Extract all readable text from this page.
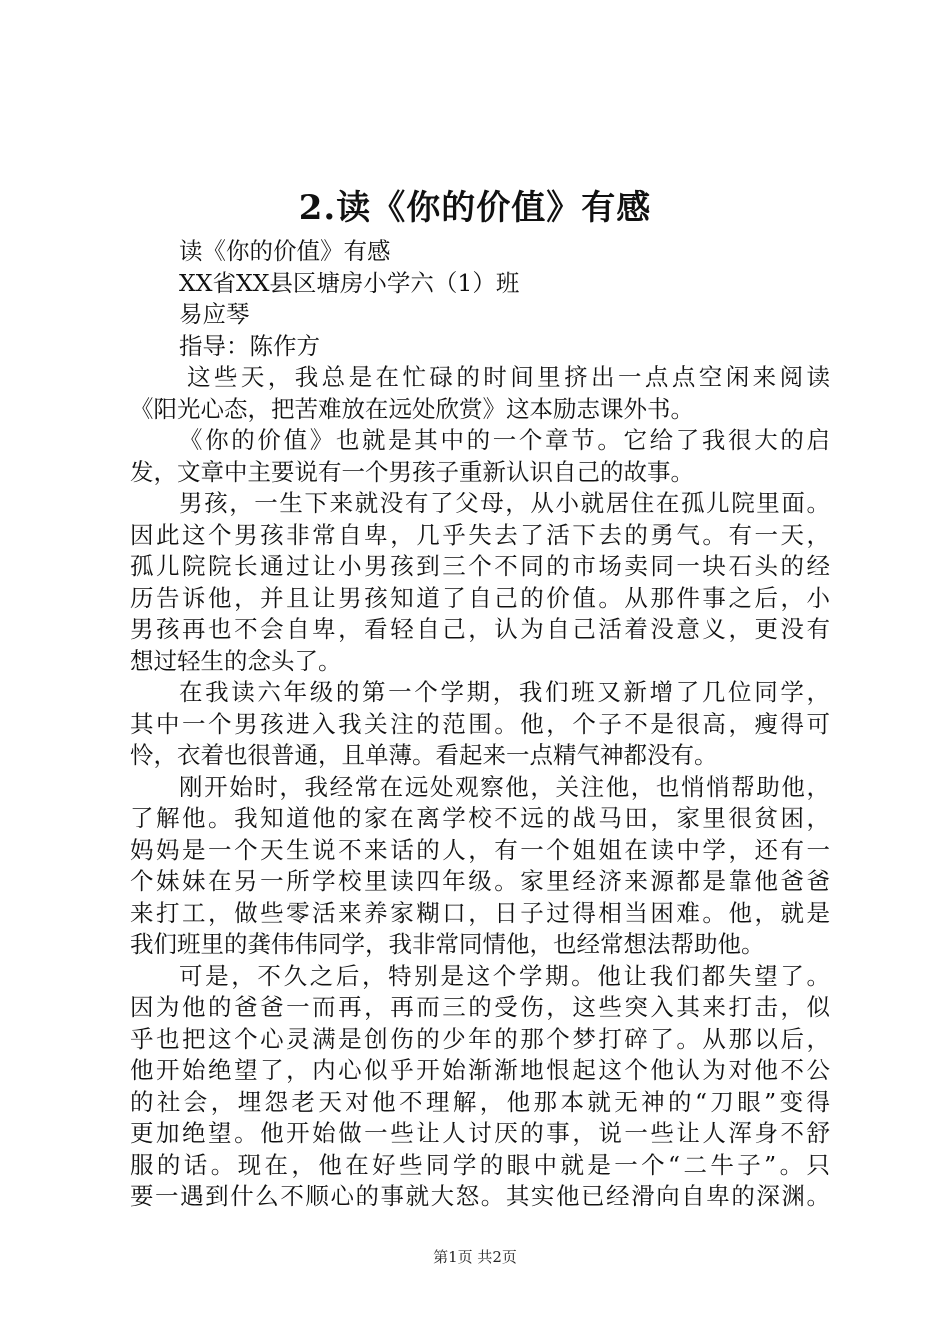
2.读《你的价值》有感
读《你的价值》有感
XX省XX县区塘房小学六（1）班
易应琴
指导：陈作方
这些天，我总是在忙碌的时间里挤出一点点空闲来阅读
《阳光心态，把苦难放在远处欣赏》这本励志课外书。
《你的价值》也就是其中的一个章节。它给了我很大的启
发，文章中主要说有一个男孩子重新认识自己的故事。
男孩，一生下来就没有了父母，从小就居住在孤儿院里面。
因此这个男孩非常自卑，几乎失去了活下去的勇气。有一天，
孤儿院院长通过让小男孩到三个不同的市场卖同一块石头的经
历告诉他，并且让男孩知道了自己的价值。从那件事之后，小
男孩再也不会自卑，看轻自己，认为自己活着没意义，更没有
想过轻生的念头了。
在我读六年级的第一个学期，我们班又新增了几位同学，
其中一个男孩进入我关注的范围。他，个子不是很高，瘦得可
怜，衣着也很普通，且单薄。看起来一点精气神都没有。
刚开始时，我经常在远处观察他，关注他，也悄悄帮助他，
了解他。我知道他的家在离学校不远的战马田，家里很贫困，
妈妈是一个天生说不来话的人，有一个姐姐在读中学，还有一
个妹妹在另一所学校里读四年级。家里经济来源都是靠他爸爸
来打工，做些零活来养家糊口，日子过得相当困难。他，就是
我们班里的龚伟伟同学，我非常同情他，也经常想法帮助他。
可是，不久之后，特别是这个学期。他让我们都失望了。
因为他的爸爸一而再，再而三的受伤，这些突入其来打击，似
乎也把这个心灵满是创伤的少年的那个梦打碎了。从那以后，
他开始绝望了，内心似乎开始渐渐地恨起这个他认为对他不公
的社会，埋怨老天对他不理解，他那本就无神的“刀眼”变得
更加绝望。他开始做一些让人讨厌的事，说一些让人浑身不舒
服的话。现在，他在好些同学的眼中就是一个“二牛子”。只
要一遇到什么不顺心的事就大怒。其实他已经滑向自卑的深渊。
第1页 共2页
